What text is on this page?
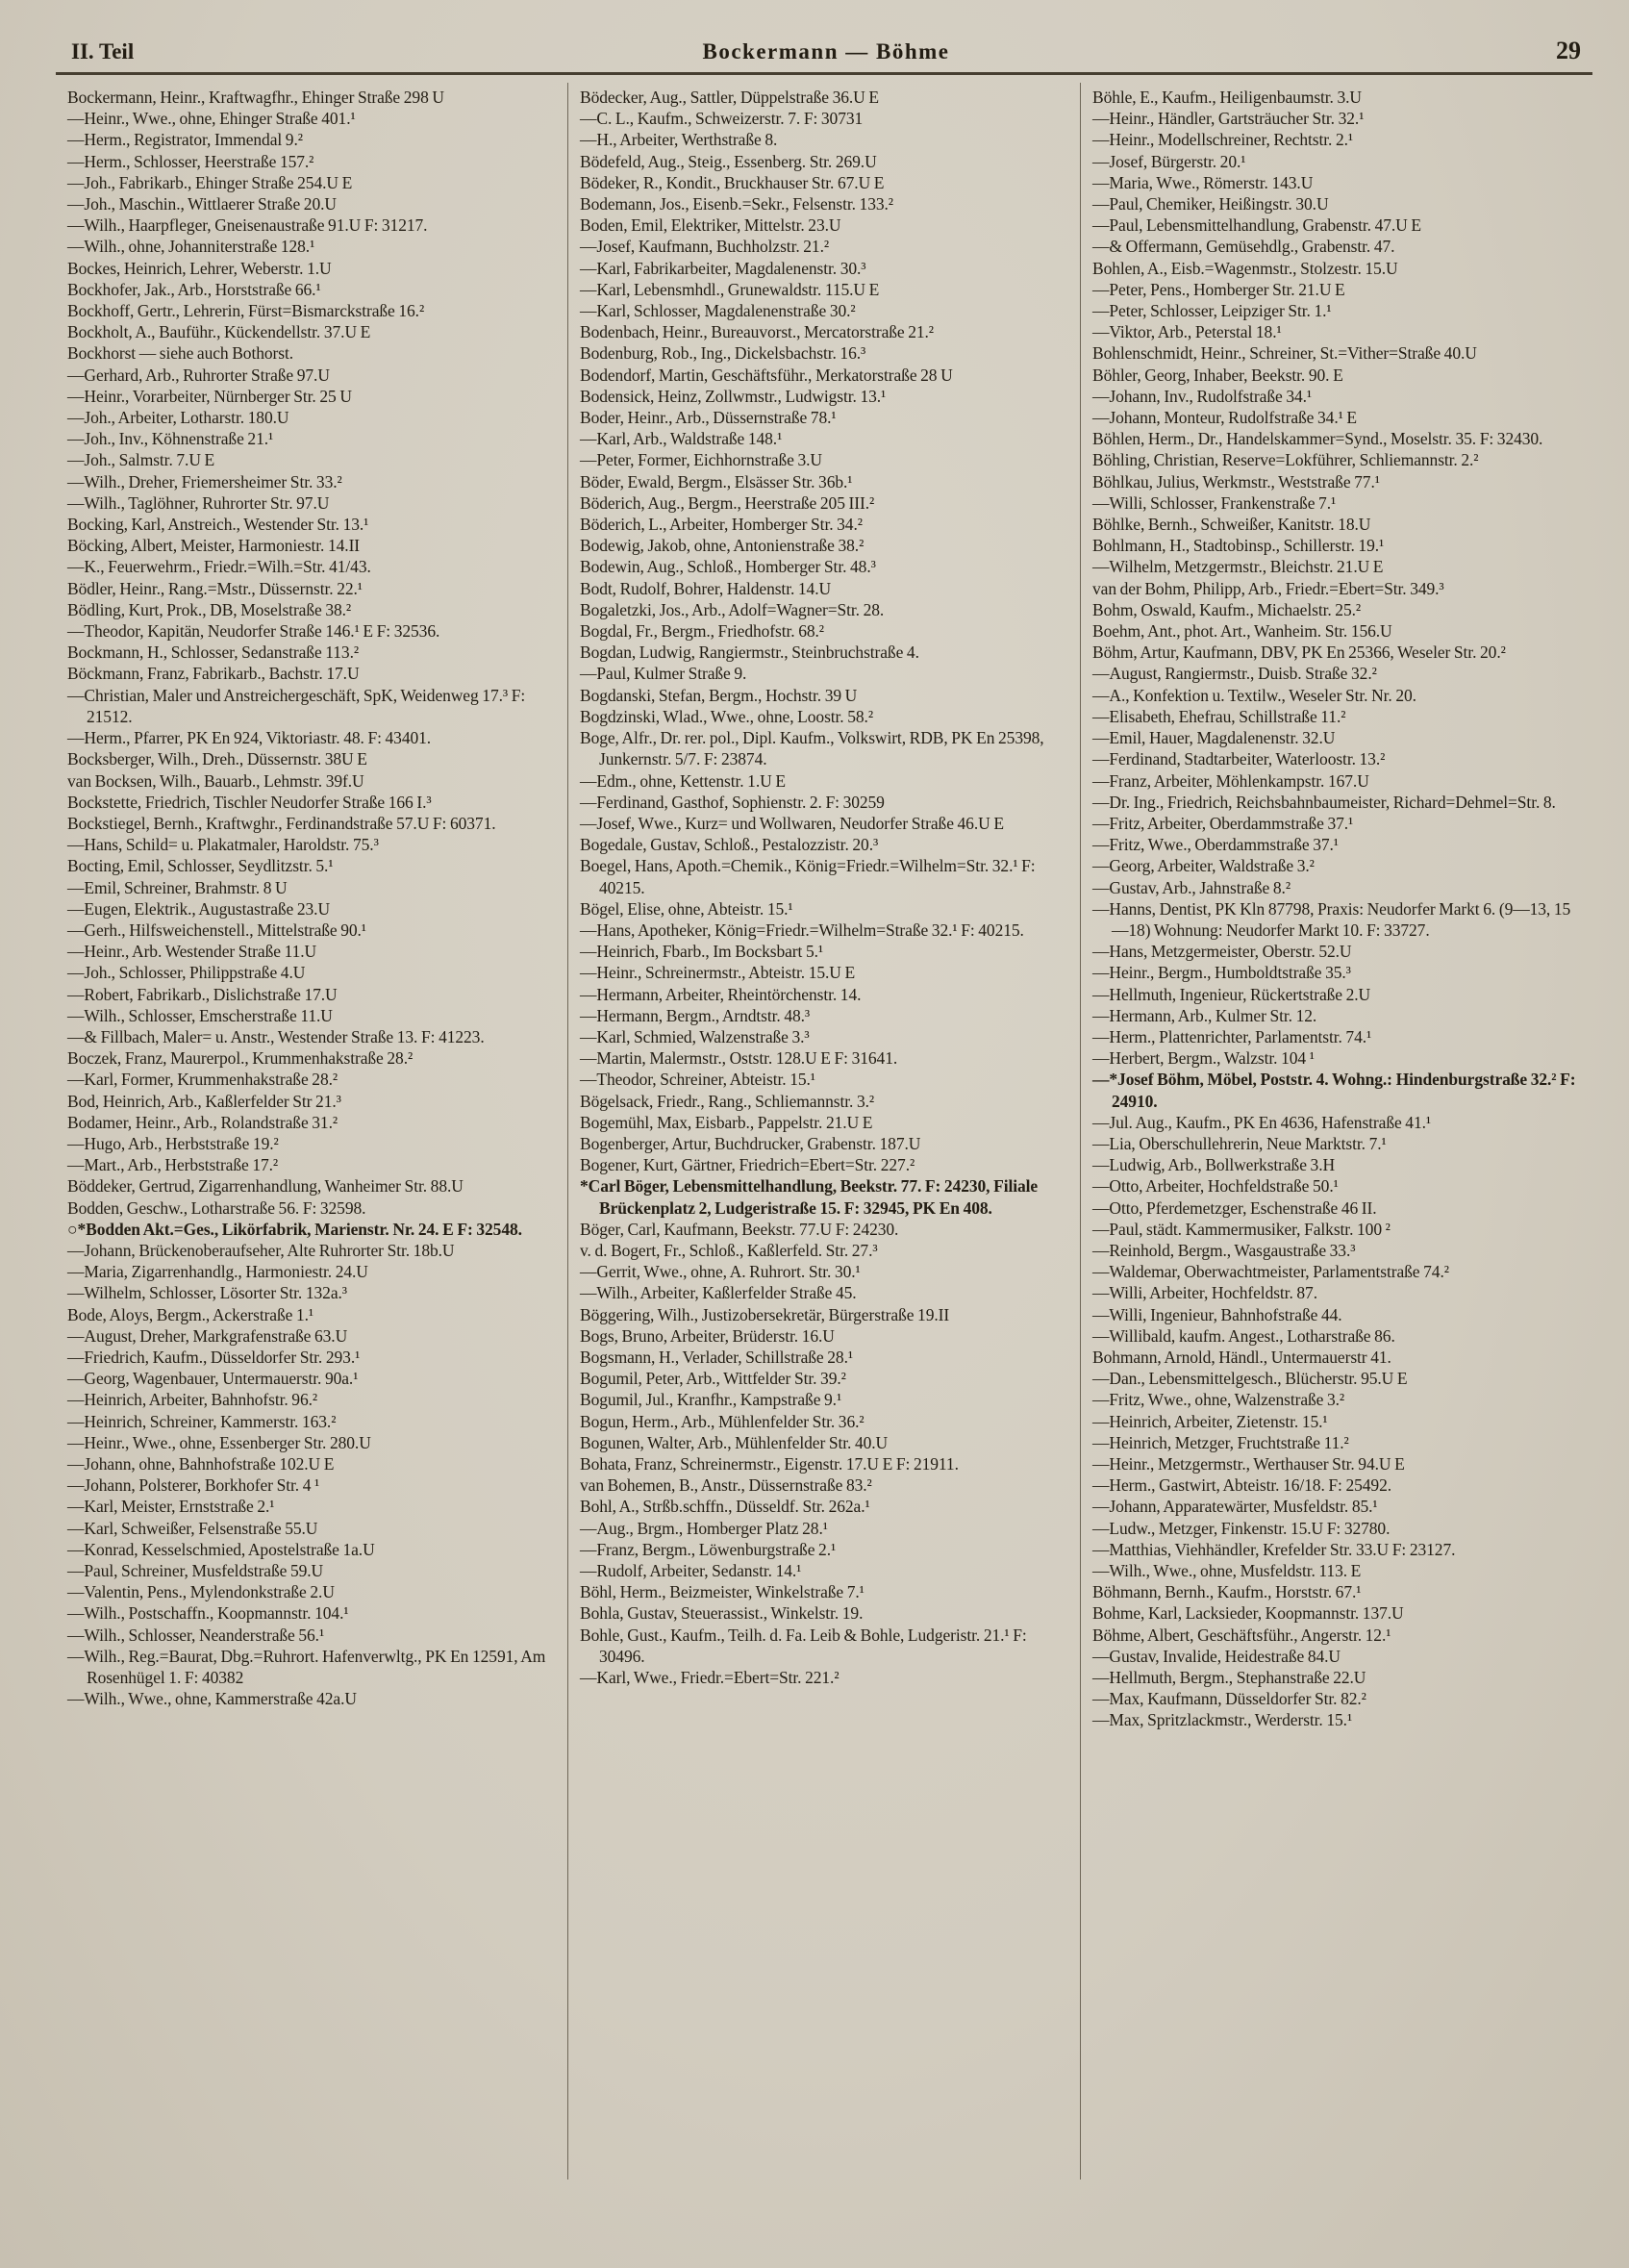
II. Teil	Bockermann — Böhme	29

Bockermann, Heinr., Kraftwagfhr., Ehinger Straße 298 U

—Heinr., Wwe., ohne, Ehinger Straße 401.¹

—Herm., Registrator, Immendal 9.²

—Herm., Schlosser, Heerstraße 157.²

—Joh., Fabrikarb., Ehinger Straße 254.U E

—Joh., Maschin., Wittlaerer Straße 20.U

—Wilh., Haarpfleger, Gneisenaustraße 91.U F: 31217.

—Wilh., ohne, Johanniterstraße 128.¹

Bockes, Heinrich, Lehrer, Weberstr. 1.U

Bockhofer, Jak., Arb., Horststraße 66.¹

Bockhoff, Gertr., Lehrerin, Fürst=Bismarckstraße 16.²

Bockholt, A., Bauführ., Kückendellstr. 37.U E

Bockhorst — siehe auch Bothorst.

—Gerhard, Arb., Ruhrorter Straße 97.U

—Heinr., Vorarbeiter, Nürnberger Str. 25 U

—Joh., Arbeiter, Lotharstr. 180.U

—Joh., Inv., Köhnenstraße 21.¹

—Joh., Salmstr. 7.U E

—Wilh., Dreher, Friemersheimer Str. 33.²

—Wilh., Taglöhner, Ruhrorter Str. 97.U

Bocking, Karl, Anstreich., Westender Str. 13.¹

Böcking, Albert, Meister, Harmoniestr. 14.II

—K., Feuerwehrm., Friedr.=Wilh.=Str. 41/43.

Bödler, Heinr., Rang.=Mstr., Düssernstr. 22.¹

Bödling, Kurt, Prok., DB, Moselstraße 38.²

—Theodor, Kapitän, Neudorfer Straße 146.¹ E F: 32536.

Bockmann, H., Schlosser, Sedanstraße 113.²

Böckmann, Franz, Fabrikarb., Bachstr. 17.U

—Christian, Maler und Anstreichergeschäft, SpK, Weidenweg 17.³ F: 21512.

—Herm., Pfarrer, PK En 924, Viktoriastr. 48. F: 43401.

Bocksberger, Wilh., Dreh., Düssernstr. 38U E

van Bocksen, Wilh., Bauarb., Lehmstr. 39f.U

Bockstette, Friedrich, Tischler Neudorfer Straße 166 I.³

Bockstiegel, Bernh., Kraftwghr., Ferdinandstraße 57.U F: 60371.

—Hans, Schild= u. Plakatmaler, Haroldstr. 75.³

Bocting, Emil, Schlosser, Seydlitzstr. 5.¹

—Emil, Schreiner, Brahmstr. 8 U

—Eugen, Elektrik., Augustastraße 23.U

—Gerh., Hilfsweichenstell., Mittelstraße 90.¹

—Heinr., Arb. Westender Straße 11.U

—Joh., Schlosser, Philippstraße 4.U

—Robert, Fabrikarb., Dislichstraße 17.U

—Wilh., Schlosser, Emscherstraße 11.U

—& Fillbach, Maler= u. Anstr., Westender Straße 13. F: 41223.

Boczek, Franz, Maurerpol., Krummenhakstraße 28.²

—Karl, Former, Krummenhakstraße 28.²

Bod, Heinrich, Arb., Kaßlerfelder Str 21.³

Bodamer, Heinr., Arb., Rolandstraße 31.²

—Hugo, Arb., Herbststraße 19.²

—Mart., Arb., Herbststraße 17.²

Böddeker, Gertrud, Zigarrenhandlung, Wanheimer Str. 88.U

Bodden, Geschw., Lotharstraße 56. F: 32598.

○*Bodden Akt.=Ges., Likörfabrik, Marienstr. Nr. 24. E F: 32548.

—Johann, Brückenoberaufseher, Alte Ruhrorter Str. 18b.U

—Maria, Zigarrenhandlg., Harmoniestr. 24.U

—Wilhelm, Schlosser, Lösorter Str. 132a.³

Bode, Aloys, Bergm., Ackerstraße 1.¹

—August, Dreher, Markgrafenstraße 63.U

—Friedrich, Kaufm., Düsseldorfer Str. 293.¹

—Georg, Wagenbauer, Untermauerstr. 90a.¹

—Heinrich, Arbeiter, Bahnhofstr. 96.²

—Heinrich, Schreiner, Kammerstr. 163.²

—Heinr., Wwe., ohne, Essenberger Str. 280.U

—Johann, ohne, Bahnhofstraße 102.U E

—Johann, Polsterer, Borkhofer Str. 4 ¹

—Karl, Meister, Ernststraße 2.¹

—Karl, Schweißer, Felsenstraße 55.U

—Konrad, Kesselschmied, Apostelstraße 1a.U

—Paul, Schreiner, Musfeldstraße 59.U

—Valentin, Pens., Mylendonkstraße 2.U

—Wilh., Postschaffn., Koopmannstr. 104.¹

—Wilh., Schlosser, Neanderstraße 56.¹

—Wilh., Reg.=Baurat, Dbg.=Ruhrort. Hafenverwltg., PK En 12591, Am Rosenhügel 1. F: 40382

—Wilh., Wwe., ohne, Kammerstraße 42a.U

Bödecker, Aug., Sattler, Düppelstraße 36.U E

—C. L., Kaufm., Schweizerstr. 7. F: 30731

—H., Arbeiter, Werthstraße 8.

Bödefeld, Aug., Steig., Essenberg. Str. 269.U

Bödeker, R., Kondit., Bruckhauser Str. 67.U E

Bodemann, Jos., Eisenb.=Sekr., Felsenstr. 133.²

Boden, Emil, Elektriker, Mittelstr. 23.U

—Josef, Kaufmann, Buchholzstr. 21.²

—Karl, Fabrikarbeiter, Magdalenenstr. 30.³

—Karl, Lebensmhdl., Grunewaldstr. 115.U E

—Karl, Schlosser, Magdalenenstraße 30.²

Bodenbach, Heinr., Bureauvorst., Mercatorstraße 21.²

Bodenburg, Rob., Ing., Dickelsbachstr. 16.³

Bodendorf, Martin, Geschäftsführ., Merkatorstraße 28 U

Bodensick, Heinz, Zollwmstr., Ludwigstr. 13.¹

Boder, Heinr., Arb., Düssernstraße 78.¹

—Karl, Arb., Waldstraße 148.¹

—Peter, Former, Eichhornstraße 3.U

Böder, Ewald, Bergm., Elsässer Str. 36b.¹

Böderich, Aug., Bergm., Heerstraße 205 III.²

Böderich, L., Arbeiter, Homberger Str. 34.²

Bodewig, Jakob, ohne, Antonienstraße 38.²

Bodewin, Aug., Schloß., Homberger Str. 48.³

Bodt, Rudolf, Bohrer, Haldenstr. 14.U

Bogaletzki, Jos., Arb., Adolf=Wagner=Str. 28.

Bogdal, Fr., Bergm., Friedhofstr. 68.²

Bogdan, Ludwig, Rangiermstr., Steinbruchstraße 4.

—Paul, Kulmer Straße 9.

Bogdanski, Stefan, Bergm., Hochstr. 39 U

Bogdzinski, Wlad., Wwe., ohne, Loostr. 58.²

Boge, Alfr., Dr. rer. pol., Dipl. Kaufm., Volkswirt, RDB, PK En 25398, Junkernstr. 5/7. F: 23874.

—Edm., ohne, Kettenstr. 1.U E

—Ferdinand, Gasthof, Sophienstr. 2. F: 30259

—Josef, Wwe., Kurz= und Wollwaren, Neudorfer Straße 46.U E

Bogedale, Gustav, Schloß., Pestalozzistr. 20.³

Boegel, Hans, Apoth.=Chemik., König=Friedr.=Wilhelm=Str. 32.¹ F: 40215.

Bögel, Elise, ohne, Abteistr. 15.¹

—Hans, Apotheker, König=Friedr.=Wilhelm=Straße 32.¹ F: 40215.

—Heinrich, Fbarb., Im Bocksbart 5.¹

—Heinr., Schreinermstr., Abteistr. 15.U E

—Hermann, Arbeiter, Rheintörchenstr. 14.

—Hermann, Bergm., Arndtstr. 48.³

—Karl, Schmied, Walzenstraße 3.³

—Martin, Malermstr., Oststr. 128.U E F: 31641.

—Theodor, Schreiner, Abteistr. 15.¹

Bögelsack, Friedr., Rang., Schliemannstr. 3.²

Bogemühl, Max, Eisbarb., Pappelstr. 21.U E

Bogenberger, Artur, Buchdrucker, Grabenstr. 187.U

Bogener, Kurt, Gärtner, Friedrich=Ebert=Str. 227.²

*Carl Böger, Lebensmittelhandlung, Beekstr. 77. F: 24230, Filiale Brückenplatz 2, Ludgeristraße 15. F: 32945, PK En 408.

Böger, Carl, Kaufmann, Beekstr. 77.U F: 24230.

v. d. Bogert, Fr., Schloß., Kaßlerfeld. Str. 27.³

—Gerrit, Wwe., ohne, A. Ruhrort. Str. 30.¹

—Wilh., Arbeiter, Kaßlerfelder Straße 45.

Böggering, Wilh., Justizobersekretär, Bürgerstraße 19.II

Bogs, Bruno, Arbeiter, Brüderstr. 16.U

Bogsmann, H., Verlader, Schillstraße 28.¹

Bogumil, Peter, Arb., Wittfelder Str. 39.²

Bogumil, Jul., Kranfhr., Kampstraße 9.¹

Bogun, Herm., Arb., Mühlenfelder Str. 36.²

Bogunen, Walter, Arb., Mühlenfelder Str. 40.U

Bohata, Franz, Schreinermstr., Eigenstr. 17.U E F: 21911.

van Bohemen, B., Anstr., Düssernstraße 83.²

Bohl, A., Strßb.schffn., Düsseldf. Str. 262a.¹

—Aug., Brgm., Homberger Platz 28.¹

—Franz, Bergm., Löwenburgstraße 2.¹

—Rudolf, Arbeiter, Sedanstr. 14.¹

Böhl, Herm., Beizmeister, Winkelstraße 7.¹

Bohla, Gustav, Steuerassist., Winkelstr. 19.

Bohle, Gust., Kaufm., Teilh. d. Fa. Leib & Bohle, Ludgeristr. 21.¹ F: 30496.

—Karl, Wwe., Friedr.=Ebert=Str. 221.²

Böhle, E., Kaufm., Heiligenbaumstr. 3.U

—Heinr., Händler, Gartsträucher Str. 32.¹

—Heinr., Modellschreiner, Rechtstr. 2.¹

—Josef, Bürgerstr. 20.¹

—Maria, Wwe., Römerstr. 143.U

—Paul, Chemiker, Heißingstr. 30.U

—Paul, Lebensmittelhandlung, Grabenstr. 47.U E

—& Offermann, Gemüsehdlg., Grabenstr. 47.

Bohlen, A., Eisb.=Wagenmstr., Stolzestr. 15.U

—Peter, Pens., Homberger Str. 21.U E

—Peter, Schlosser, Leipziger Str. 1.¹

—Viktor, Arb., Peterstal 18.¹

Bohlenschmidt, Heinr., Schreiner, St.=Vither=Straße 40.U

Böhler, Georg, Inhaber, Beekstr. 90. E

—Johann, Inv., Rudolfstraße 34.¹

—Johann, Monteur, Rudolfstraße 34.¹ E

Böhlen, Herm., Dr., Handelskammer=Synd., Moselstr. 35. F: 32430.

Böhling, Christian, Reserve=Lokführer, Schliemannstr. 2.²

Böhlkau, Julius, Werkmstr., Weststraße 77.¹

—Willi, Schlosser, Frankenstraße 7.¹

Böhlke, Bernh., Schweißer, Kanitstr. 18.U

Bohlmann, H., Stadtobinsp., Schillerstr. 19.¹

—Wilhelm, Metzgermstr., Bleichstr. 21.U E

van der Bohm, Philipp, Arb., Friedr.=Ebert=Str. 349.³

Bohm, Oswald, Kaufm., Michaelstr. 25.²

Boehm, Ant., phot. Art., Wanheim. Str. 156.U

Böhm, Artur, Kaufmann, DBV, PK En 25366, Weseler Str. 20.²

—August, Rangiermstr., Duisb. Straße 32.²

—A., Konfektion u. Textilw., Weseler Str. Nr. 20.

—Elisabeth, Ehefrau, Schillstraße 11.²

—Emil, Hauer, Magdalenenstr. 32.U

—Ferdinand, Stadtarbeiter, Waterloostr. 13.²

—Franz, Arbeiter, Möhlenkampstr. 167.U

—Dr. Ing., Friedrich, Reichsbahnbaumeister, Richard=Dehmel=Str. 8.

—Fritz, Arbeiter, Oberdammstraße 37.¹

—Fritz, Wwe., Oberdammstraße 37.¹

—Georg, Arbeiter, Waldstraße 3.²

—Gustav, Arb., Jahnstraße 8.²

—Hanns, Dentist, PK Kln 87798, Praxis: Neudorfer Markt 6. (9—13, 15—18) Wohnung: Neudorfer Markt 10. F: 33727.

—Hans, Metzgermeister, Oberstr. 52.U

—Heinr., Bergm., Humboldtstraße 35.³

—Hellmuth, Ingenieur, Rückertstraße 2.U

—Hermann, Arb., Kulmer Str. 12.

—Herm., Plattenrichter, Parlamentstr. 74.¹

—Herbert, Bergm., Walzstr. 104 ¹

—*Josef Böhm, Möbel, Poststr. 4. Wohng.: Hindenburgstraße 32.² F: 24910.

—Jul. Aug., Kaufm., PK En 4636, Hafenstraße 41.¹

—Lia, Oberschullehrerin, Neue Marktstr. 7.¹

—Ludwig, Arb., Bollwerkstraße 3.H

—Otto, Arbeiter, Hochfeldstraße 50.¹

—Otto, Pferdemetzger, Eschenstraße 46 II.

—Paul, städt. Kammermusiker, Falkstr. 100 ²

—Reinhold, Bergm., Wasgaustraße 33.³

—Waldemar, Oberwachtmeister, Parlamentstraße 74.²

—Willi, Arbeiter, Hochfeldstr. 87.

—Willi, Ingenieur, Bahnhofstraße 44.

—Willibald, kaufm. Angest., Lotharstraße 86.

Bohmann, Arnold, Händl., Untermauerstr 41.

—Dan., Lebensmittelgesch., Blücherstr. 95.U E

—Fritz, Wwe., ohne, Walzenstraße 3.²

—Heinrich, Arbeiter, Zietenstr. 15.¹

—Heinrich, Metzger, Fruchtstraße 11.²

—Heinr., Metzgermstr., Werthauser Str. 94.U E

—Herm., Gastwirt, Abteistr. 16/18. F: 25492.

—Johann, Apparatewärter, Musfeldstr. 85.¹

—Ludw., Metzger, Finkenstr. 15.U F: 32780.

—Matthias, Viehhändler, Krefelder Str. 33.U F: 23127.

—Wilh., Wwe., ohne, Musfeldstr. 113. E

Böhmann, Bernh., Kaufm., Horststr. 67.¹

Bohme, Karl, Lacksieder, Koopmannstr. 137.U

Böhme, Albert, Geschäftsführ., Angerstr. 12.¹

—Gustav, Invalide, Heidestraße 84.U

—Hellmuth, Bergm., Stephanstraße 22.U

—Max, Kaufmann, Düsseldorfer Str. 82.²

—Max, Spritzlackmstr., Werderstr. 15.¹
